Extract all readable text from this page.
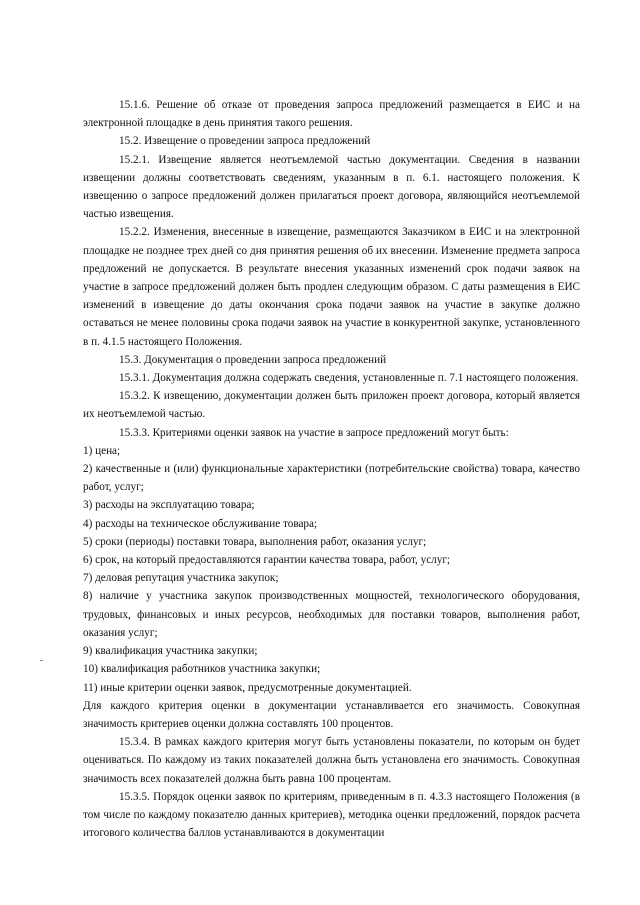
15.1.6. Решение об отказе от проведения запроса предложений размещается в ЕИС и на электронной площадке в день принятия такого решения.

15.2. Извещение о проведении запроса предложений

15.2.1. Извещение является неотъемлемой частью документации. Сведения в названии извещении должны соответствовать сведениям, указанным в п. 6.1. настоящего положения. К извещению о запросе предложений должен прилагаться проект договора, являющийся неотъемлемой частью извещения.

15.2.2. Изменения, внесенные в извещение, размещаются Заказчиком в ЕИС и на электронной площадке не позднее трех дней со дня принятия решения об их внесении. Изменение предмета запроса предложений не допускается. В результате внесения указанных изменений срок подачи заявок на участие в запросе предложений должен быть продлен следующим образом. С даты размещения в ЕИС изменений в извещение до даты окончания срока подачи заявок на участие в закупке должно оставаться не менее половины срока подачи заявок на участие в конкурентной закупке, установленного в п. 4.1.5 настоящего Положения.

15.3. Документация о проведении запроса предложений

15.3.1. Документация должна содержать сведения, установленные п. 7.1 настоящего положения.

15.3.2. К извещению, документации должен быть приложен проект договора, который является их неотъемлемой частью.

15.3.3. Критериями оценки заявок на участие в запросе предложений могут быть:

1) цена;

2) качественные и (или) функциональные характеристики (потребительские свойства) товара, качество работ, услуг;

3) расходы на эксплуатацию товара;

4) расходы на техническое обслуживание товара;

5) сроки (периоды) поставки товара, выполнения работ, оказания услуг;

6) срок, на который предоставляются гарантии качества товара, работ, услуг;

7) деловая репутация участника закупок;

8) наличие у участника закупок производственных мощностей, технологического оборудования, трудовых, финансовых и иных ресурсов, необходимых для поставки товаров, выполнения работ, оказания услуг;

9) квалификация участника закупки;

10) квалификация работников участника закупки;

11) иные критерии оценки заявок, предусмотренные документацией.

Для каждого критерия оценки в документации устанавливается его значимость. Совокупная значимость критериев оценки должна составлять 100 процентов.

15.3.4. В рамках каждого критерия могут быть установлены показатели, по которым он будет оцениваться. По каждому из таких показателей должна быть установлена его значимость. Совокупная значимость всех показателей должна быть равна 100 процентам.

15.3.5. Порядок оценки заявок по критериям, приведенным в п. 4.3.3 настоящего Положения (в том числе по каждому показателю данных критериев), методика оценки предложений, порядок расчета итогового количества баллов устанавливаются в документации
